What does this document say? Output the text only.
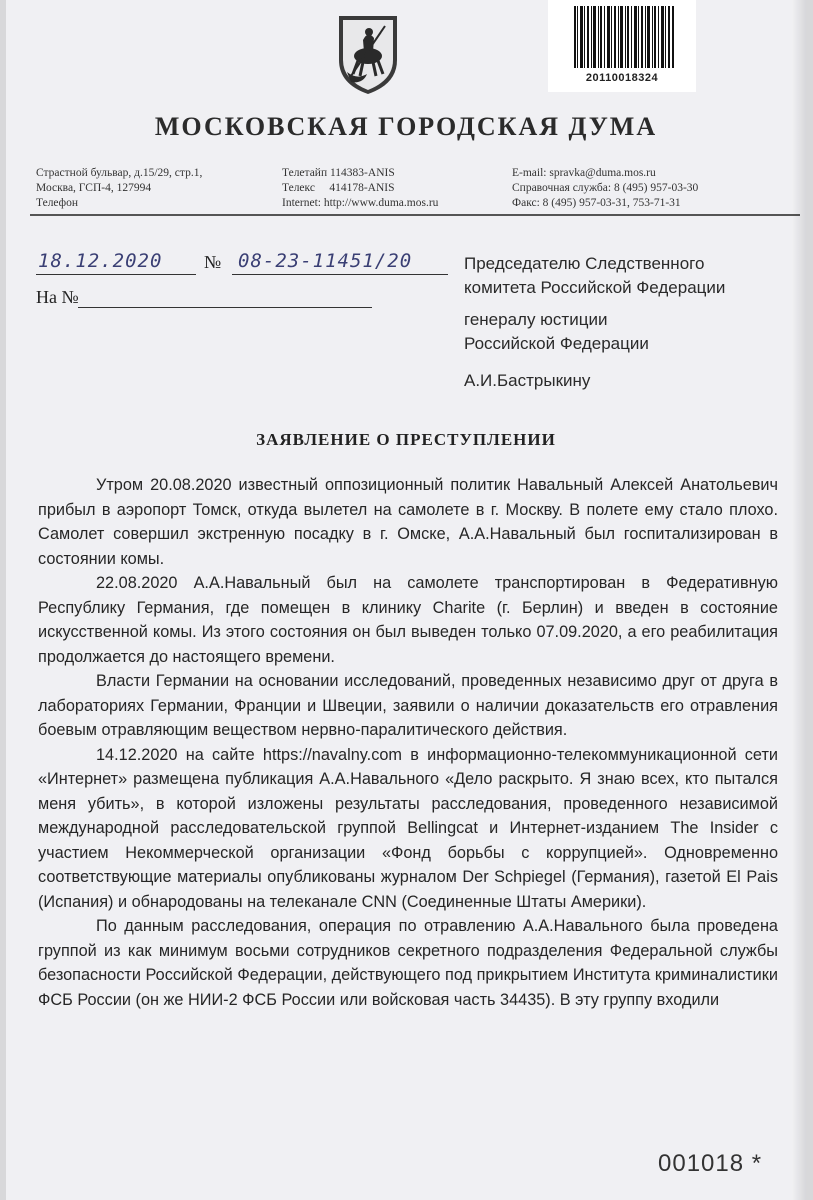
20110018324
МОСКОВСКАЯ ГОРОДСКАЯ ДУМА
Страстной бульвар, д.15/29, стр.1,
Москва, ГСП-4, 127994
Телефон
Телетайп 114383-ANIS
Телекс     414178-ANIS
Internet: http://www.duma.mos.ru
E-mail: spravka@duma.mos.ru
Справочная служба: 8 (495) 957-03-30
Факс: 8 (495) 957-03-31, 753-71-31
18.12.2020 № 08-23-11451/20
На №
Председателю Следственного
комитета Российской Федерации
генералу юстиции
Российской Федерации
А.И.Бастрыкину
ЗАЯВЛЕНИЕ О ПРЕСТУПЛЕНИИ

Утром 20.08.2020 известный оппозиционный политик Навальный Алексей Анатольевич прибыл в аэропорт Томск, откуда вылетел на самолете в г. Москву. В полете ему стало плохо. Самолет совершил экстренную посадку в г. Омске, А.А.Навальный был госпитализирован в состоянии комы.

22.08.2020 А.А.Навальный был на самолете транспортирован в Федеративную Республику Германия, где помещен в клинику Charite (г. Берлин) и введен в состояние искусственной комы. Из этого состояния он был выведен только 07.09.2020, а его реабилитация продолжается до настоящего времени.

Власти Германии на основании исследований, проведенных независимо друг от друга в лабораториях Германии, Франции и Швеции, заявили о наличии доказательств его отравления боевым отравляющим веществом нервно-паралитического действия.

14.12.2020 на сайте https://navalny.com в информационно-телекоммуникационной сети «Интернет» размещена публикация А.А.Навального «Дело раскрыто. Я знаю всех, кто пытался меня убить», в которой изложены результаты расследования, проведенного независимой международной расследовательской группой Bellingcat и Интернет-изданием The Insider с участием Некоммерческой организации «Фонд борьбы с коррупцией». Одновременно соответствующие материалы опубликованы журналом Der Schpiegel (Германия), газетой El Pais (Испания) и обнародованы на телеканале CNN (Соединенные Штаты Америки).

По данным расследования, операция по отравлению А.А.Навального была проведена группой из как минимум восьми сотрудников секретного подразделения Федеральной службы безопасности Российской Федерации, действующего под прикрытием Института криминалистики ФСБ России (он же НИИ-2 ФСБ России или войсковая часть 34435). В эту группу входили

001018 *
